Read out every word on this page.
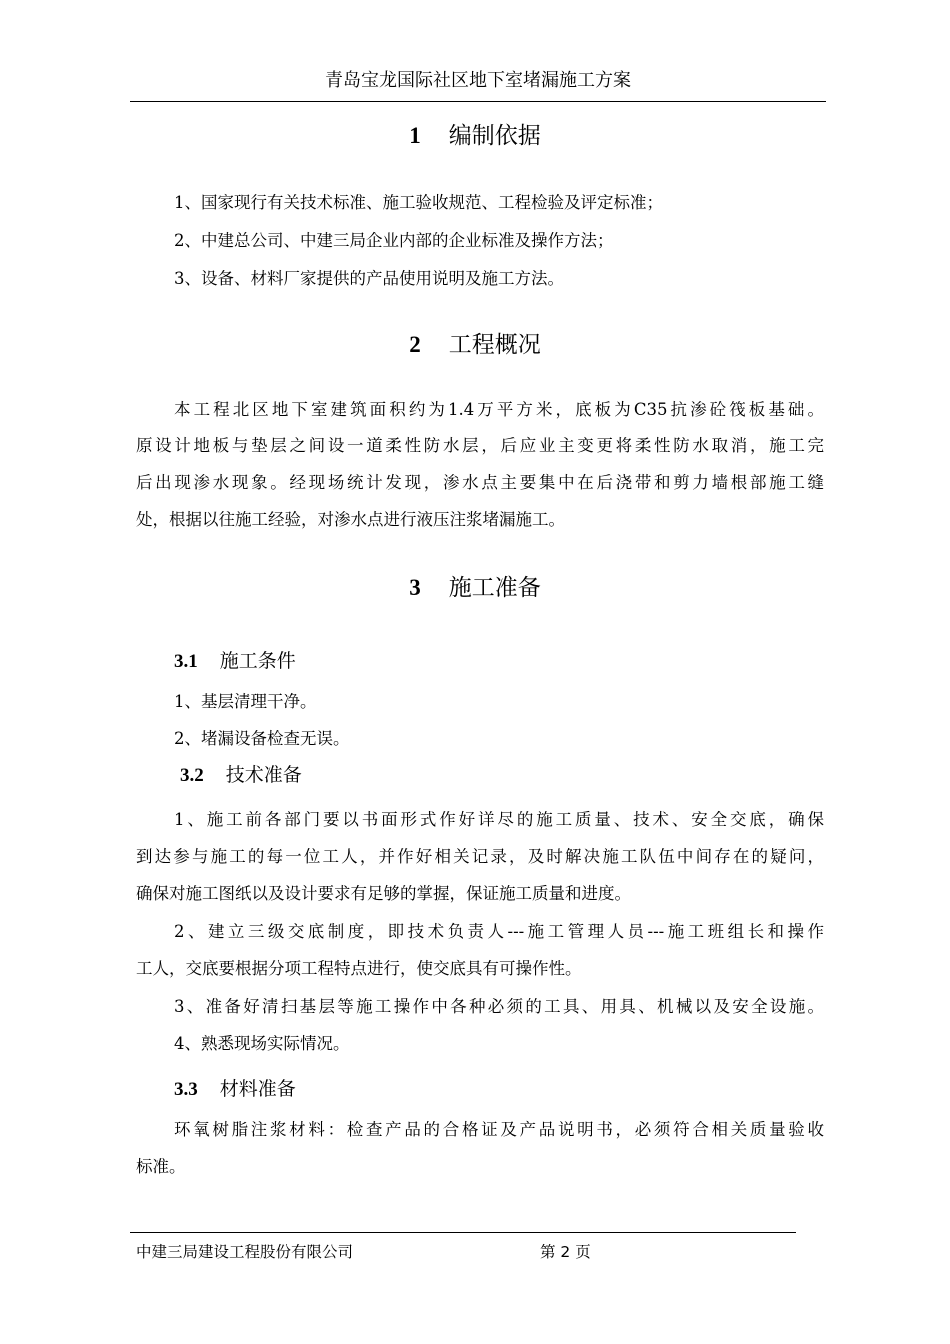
青岛宝龙国际社区地下室堵漏施工方案
1 编制依据
1、国家现行有关技术标准、施工验收规范、工程检验及评定标准；
2、中建总公司、中建三局企业内部的企业标准及操作方法；
3、设备、材料厂家提供的产品使用说明及施工方法。
2 工程概况
本工程北区地下室建筑面积约为1.4万平方米，底板为C35抗渗砼筏板基础。
原设计地板与垫层之间设一道柔性防水层，后应业主变更将柔性防水取消，施工完
后出现渗水现象。经现场统计发现，渗水点主要集中在后浇带和剪力墙根部施工缝
处，根据以往施工经验，对渗水点进行液压注浆堵漏施工。
3 施工准备
3.1 施工条件
1、基层清理干净。
2、堵漏设备检查无误。
3.2 技术准备
1、施工前各部门要以书面形式作好详尽的施工质量、技术、安全交底，确保
到达参与施工的每一位工人，并作好相关记录，及时解决施工队伍中间存在的疑问，
确保对施工图纸以及设计要求有足够的掌握，保证施工质量和进度。
2、建立三级交底制度，即技术负责人---施工管理人员---施工班组长和操作
工人，交底要根据分项工程特点进行，使交底具有可操作性。
3、准备好清扫基层等施工操作中各种必须的工具、用具、机械以及安全设施。
4、熟悉现场实际情况。
3.3 材料准备
环氧树脂注浆材料：检查产品的合格证及产品说明书，必须符合相关质量验收
标准。
中建三局建设工程股份有限公司	第 2 页
